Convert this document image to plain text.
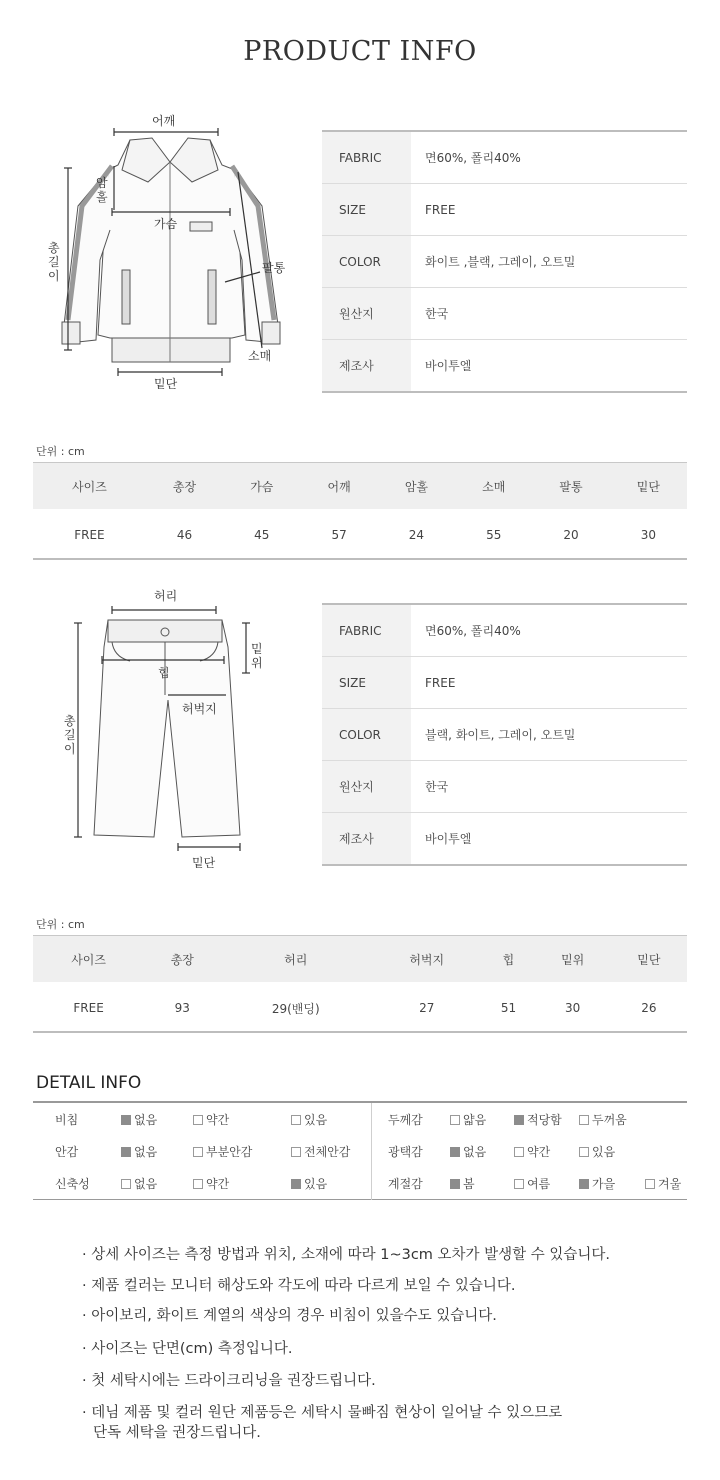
PRODUCT INFO
어깨
암
홀
가슴
총
길
이
팔통
소매
밑단
FABRIC	면60%, 폴리40%
SIZE	FREE
COLOR	화이트 ,블랙, 그레이, 오트밀
원산지	한국
제조사	바이투엘
단위 : cm
사이즈	총장	가슴	어깨	암홀	소매	팔통	밑단
FREE	46	45	57	24	55	20	30
허리
힙
허벅지
밑
위
총
길
이
밑단
FABRIC	면60%, 폴리40%
SIZE	FREE
COLOR	블랙, 화이트, 그레이, 오트밀
원산지	한국
제조사	바이투엘
단위 : cm
사이즈	총장	허리	허벅지	힙	밑위	밑단
FREE	93	29(밴딩)	27	51	30	26
DETAIL INFO
비침	없음	약간	있음	두께감	얇음	적당함	두꺼움	
안감	없음	부분안감	전체안감	광택감	없음	약간	있음	
신축성	없음	약간	있음	계절감	봄	여름	가을	겨울
· 상세 사이즈는 측정 방법과 위치, 소재에 따라 1~3cm 오차가 발생할 수 있습니다.
· 제품 컬러는 모니터 해상도와 각도에 따라 다르게 보일 수 있습니다.
· 아이보리, 화이트 계열의 색상의 경우 비침이 있을수도 있습니다.
· 사이즈는 단면(cm) 측정입니다.
· 첫 세탁시에는 드라이크리닝을 권장드립니다.
· 데님 제품 및 컬러 원단 제품등은 세탁시 물빠짐 현상이 일어날 수 있으므로
단독 세탁을 권장드립니다.
